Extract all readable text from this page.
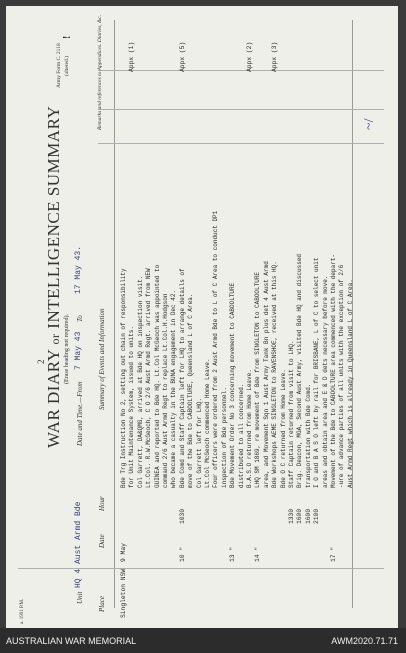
a. 1991 P.M.
2
WAR DIARY or INTELLIGENCE SUMMARY
(Erase heading not required).
Unit
HQ 4 Aust Armd Bde
Date and Time.—From
7 May 43
To
17 May 43.
Army Form C. 2118 (altered.)
!
Place
Date
Hour
Summary of Events and Information
Remarks and references to Appendices. Diaries, &c.
Singleton NSW
9 May
Bde Trg Instruction No 2, setting out chain of responsibility for Unit Maintenance System, issued to units.
Appx (1)
Col Garrett, DA&QMG, arrived at Bde HQ on inspection visit. Lt.Col. R.W.McGeoch, C O 2/6 Aust Armd Regt. arrived from NEW GUINEA and reported to Bde HQ. Lt.Col McGeoch was appointed to command 2/6 Aust Armd Regt to replace Lt.Col.H.Hodgson who became a casualty in the BUNA engagement in Dec 42.
10 "
1030
Bde Comd and Staff Captain left for LHQ to arrange details of
Appx (5)
move of the Bde to CABOOLTURE, Queensland L of C Area. Col Garrett left for LHQ. Lt.Col McGeoch commenced Home Leave. Four officers were ordered from 2 Aust Armd Bde to L of C Area to conduct DP1 inspection of Bde personnel.
13 "
Bde Movement Order No 3 concerning movement to CABOOLTURE distributed to all concerned. B.A.S.O returned from Home Leave.
Appx (2)
14 "
LHQ SM 1869, re movement of Bde from SINGLETON to CABOOLTURE area, and Movement Sqn 1 Aust Army Tank Bn plus det 4 Aust Armd Bde Workshops AEME SINGLETON to RAVENSHOE, received at this HQ.
Appx (3)
Bde O C returned from Home Leave.
1330
Staff Captain returned from visit to LHQ.
1600
Brig. Deacon, MGA, Second Aust Army, visited Bde HQ and discussed
1600
transportation with Bde Comd.
2100
I O and B A S O left by rail for BRISBANE, L of C to select unit areas and obtain area and E & D dets necessary before move.
17 "
Movement of the Bde to CABOOLTURE area commenced with the depart- -ure of advance parties of all units with the exception of 2/6 Aust Armd Regt which is already in Queensland L of C Area.
~/
AUSTRALIAN WAR MEMORIAL	AWM2020.71.71
